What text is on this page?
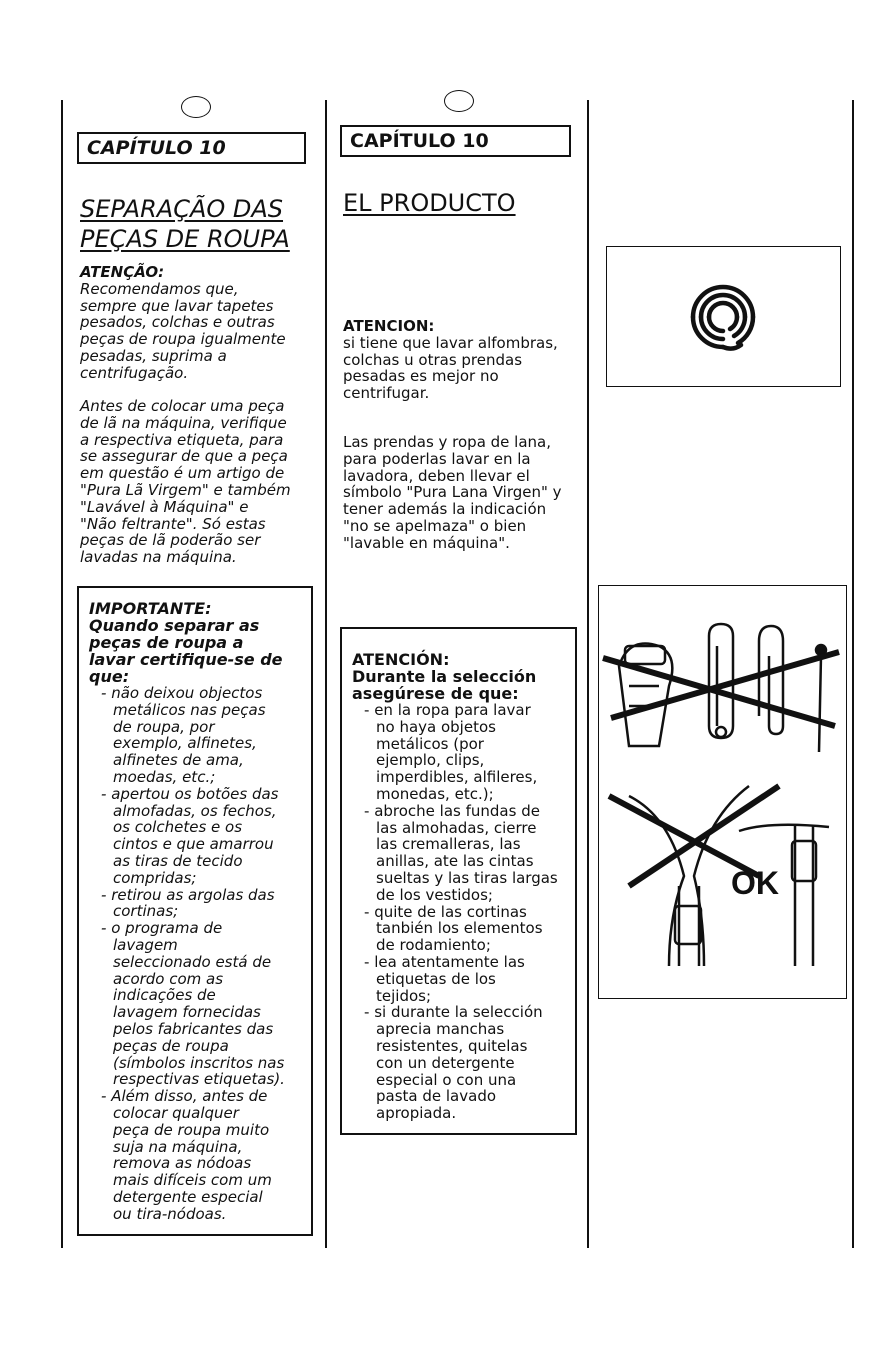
CAPÍTULO 10
SEPARAÇÃO DAS
PEÇAS DE ROUPA

ATENÇÃO:
Recomendamos que,
sempre que lavar tapetes
pesados, colchas e outras
peças de roupa igualmente
pesadas, suprima a
centrifugação.

Antes de colocar uma peça
de lã na máquina, verifique
a respectiva etiqueta, para
se assegurar de que a peça
em questão é um artigo de
"Pura Lã Virgem" e também
"Lavável à Máquina" e
"Não feltrante". Só estas
peças de lã poderão ser
lavadas na máquina.

IMPORTANTE:
Quando separar as
peças de roupa a
lavar certifique-se de
que:

- não deixou objectos
metálicos nas peças
de roupa, por
exemplo, alfinetes,
alfinetes de ama,
moedas, etc.;
- apertou os botões das
almofadas, os fechos,
os colchetes e os
cintos e que amarrou
as tiras de tecido
compridas;
- retirou as argolas das
cortinas;
- o programa de
lavagem
seleccionado está de
acordo com as
indicações de
lavagem fornecidas
pelos fabricantes das
peças de roupa
(símbolos inscritos nas
respectivas etiquetas).
- Além disso, antes de
colocar qualquer
peça de roupa muito
suja na máquina,
remova as nódoas
mais difíceis com um
detergente especial
ou tira-nódoas.
CAPÍTULO 10
EL PRODUCTO

ATENCION:
si tiene que lavar alfombras,
colchas u otras prendas
pesadas es mejor no
centrifugar.

Las prendas y ropa de lana,
para poderlas lavar en la
lavadora, deben llevar el
símbolo "Pura Lana Virgen" y
tener además la indicación
"no se apelmaza" o bien
"lavable en máquina".

ATENCIÓN:
Durante la selección
asegúrese de que:

- en la ropa para lavar
no haya objetos
metálicos (por
ejemplo, clips,
imperdibles, alfileres,
monedas, etc.);
- abroche las fundas de
las almohadas, cierre
las cremalleras, las
anillas, ate las cintas
sueltas y las tiras largas
de los vestidos;
- quite de las cortinas
tanbién los elementos
de rodamiento;
- lea atentamente las
etiquetas de los
tejidos;
- si durante la selección
aprecia manchas
resistentes, quitelas
con un detergente
especial o con una
pasta de lavado
apropiada.
OK
